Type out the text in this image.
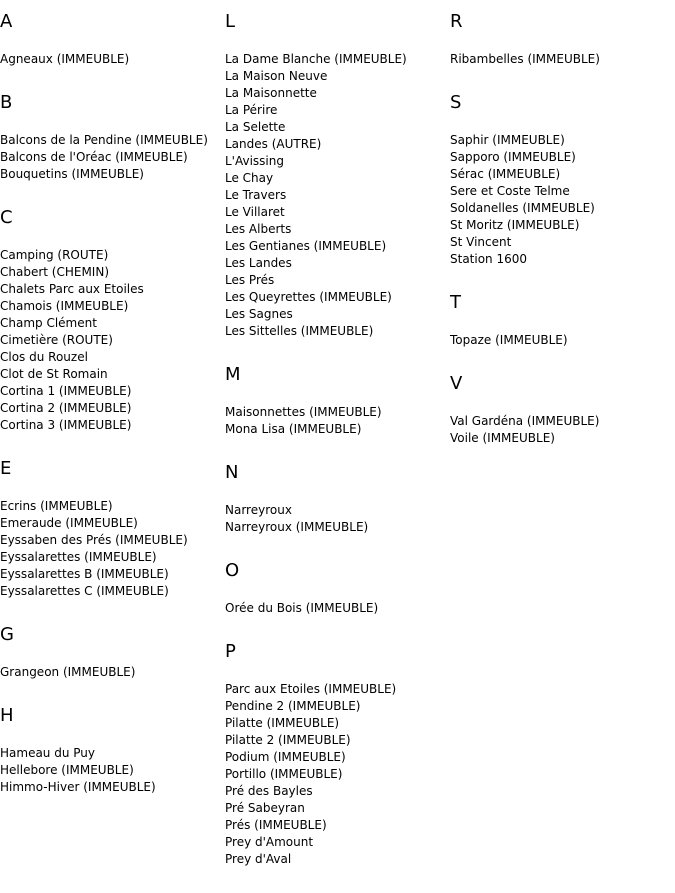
A
Agneaux (IMMEUBLE)
B
Balcons de la Pendine (IMMEUBLE)
Balcons de l'Oréac (IMMEUBLE)
Bouquetins (IMMEUBLE)
C
Camping (ROUTE)
Chabert (CHEMIN)
Chalets Parc aux Etoiles
Chamois (IMMEUBLE)
Champ Clément
Cimetière (ROUTE)
Clos du Rouzel
Clot de St Romain
Cortina 1 (IMMEUBLE)
Cortina 2 (IMMEUBLE)
Cortina 3 (IMMEUBLE)
E
Ecrins (IMMEUBLE)
Emeraude (IMMEUBLE)
Eyssaben des Prés (IMMEUBLE)
Eyssalarettes (IMMEUBLE)
Eyssalarettes B (IMMEUBLE)
Eyssalarettes C (IMMEUBLE)
G
Grangeon (IMMEUBLE)
H
Hameau du Puy
Hellebore (IMMEUBLE)
Himmo-Hiver (IMMEUBLE)
L
La Dame Blanche (IMMEUBLE)
La Maison Neuve
La Maisonnette
La Périre
La Selette
Landes (AUTRE)
L'Avissing
Le Chay
Le Travers
Le Villaret
Les Alberts
Les Gentianes (IMMEUBLE)
Les Landes
Les Prés
Les Queyrettes (IMMEUBLE)
Les Sagnes
Les Sittelles (IMMEUBLE)
M
Maisonnettes (IMMEUBLE)
Mona Lisa (IMMEUBLE)
N
Narreyroux
Narreyroux (IMMEUBLE)
O
Orée du Bois (IMMEUBLE)
P
Parc aux Etoiles (IMMEUBLE)
Pendine 2 (IMMEUBLE)
Pilatte (IMMEUBLE)
Pilatte 2 (IMMEUBLE)
Podium (IMMEUBLE)
Portillo (IMMEUBLE)
Pré des Bayles
Pré Sabeyran
Prés (IMMEUBLE)
Prey d'Amount
Prey d'Aval
R
Ribambelles (IMMEUBLE)
S
Saphir (IMMEUBLE)
Sapporo (IMMEUBLE)
Sérac (IMMEUBLE)
Sere et Coste Telme
Soldanelles (IMMEUBLE)
St Moritz (IMMEUBLE)
St Vincent
Station 1600
T
Topaze (IMMEUBLE)
V
Val Gardéna (IMMEUBLE)
Voile (IMMEUBLE)
